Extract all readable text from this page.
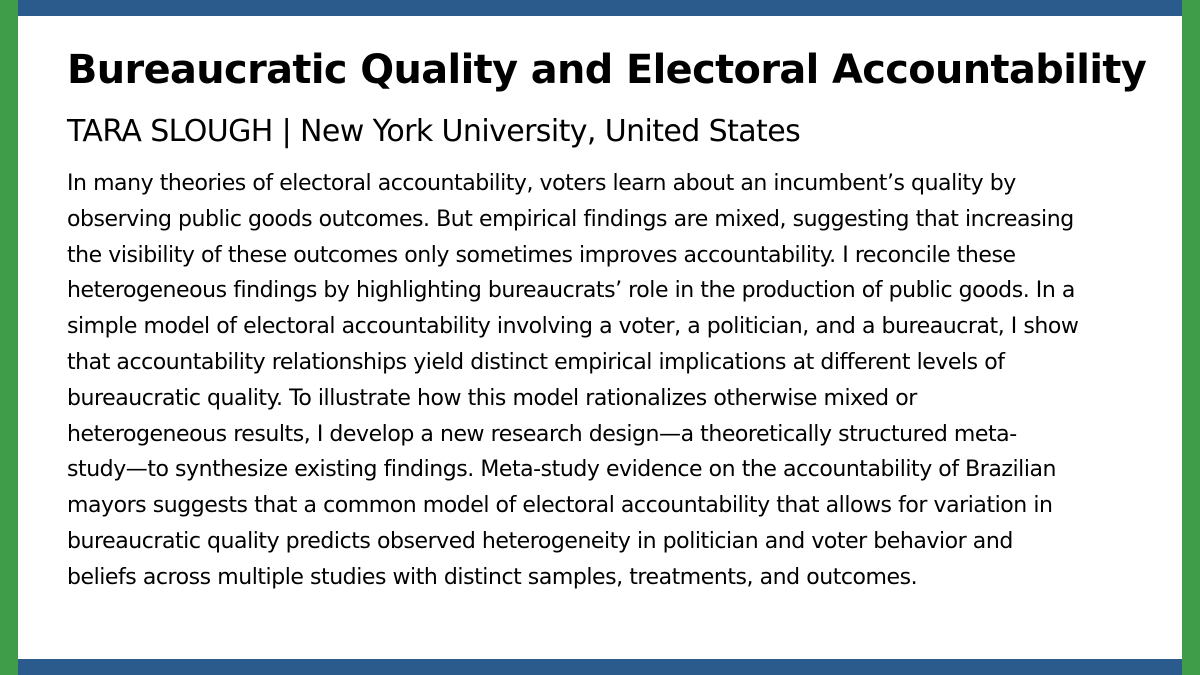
Bureaucratic Quality and Electoral Accountability
TARA SLOUGH | New York University, United States
In many theories of electoral accountability, voters learn about an incumbent’s quality by
observing public goods outcomes. But empirical findings are mixed, suggesting that increasing
the visibility of these outcomes only sometimes improves accountability. I reconcile these
heterogeneous findings by highlighting bureaucrats’ role in the production of public goods. In a
simple model of electoral accountability involving a voter, a politician, and a bureaucrat, I show
that accountability relationships yield distinct empirical implications at different levels of
bureaucratic quality. To illustrate how this model rationalizes otherwise mixed or
heterogeneous results, I develop a new research design—a theoretically structured meta-
study—to synthesize existing findings. Meta-study evidence on the accountability of Brazilian
mayors suggests that a common model of electoral accountability that allows for variation in
bureaucratic quality predicts observed heterogeneity in politician and voter behavior and
beliefs across multiple studies with distinct samples, treatments, and outcomes.
